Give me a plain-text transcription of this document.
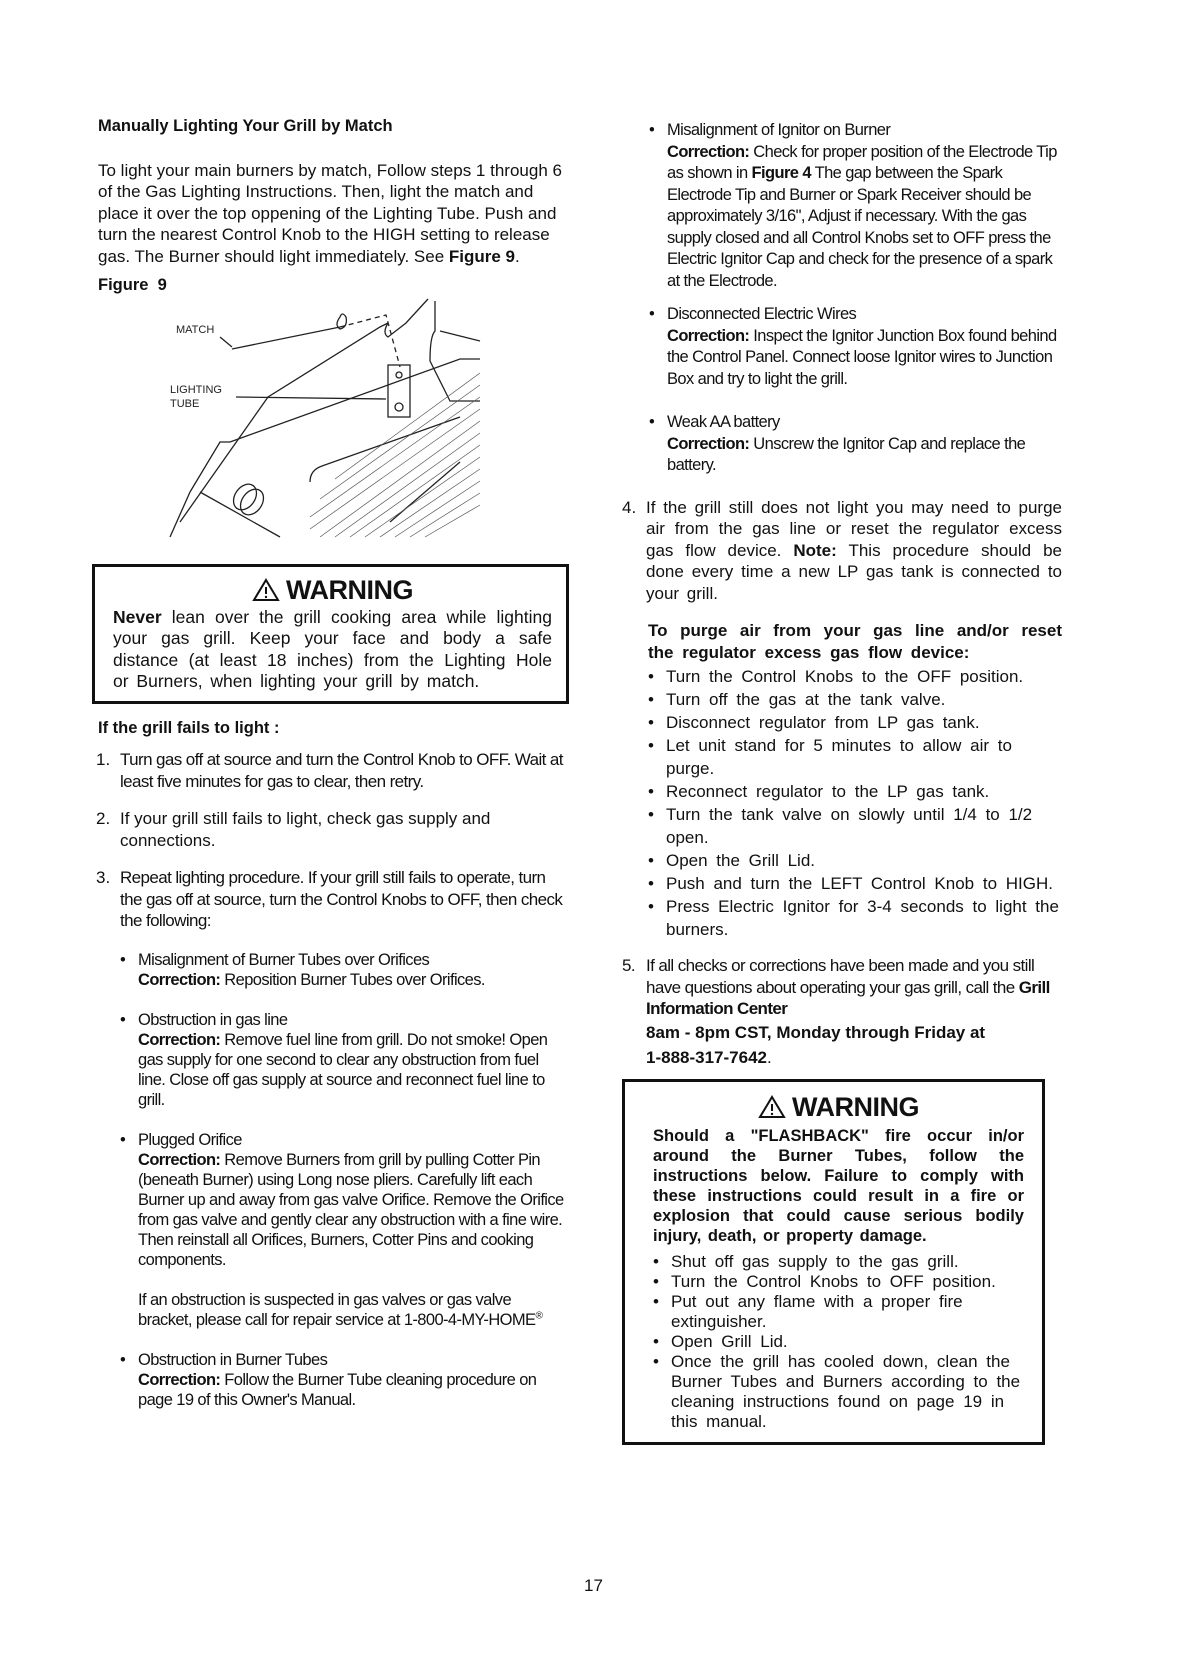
Manually Lighting Your Grill by Match

To light your main burners by match, Follow steps 1 through 6 of the Gas Lighting Instructions. Then, light the match and place it over the top oppening of the Lighting Tube. Push and turn the nearest Control Knob to the HIGH setting to release gas. The Burner should light immediately. See Figure 9.

Figure  9
MATCH
LIGHTING
TUBE
WARNING

Never lean over the grill cooking area while lighting your gas grill. Keep your face and body a safe distance (at least 18 inches) from the Lighting Hole or Burners, when lighting your grill by match.

If the grill fails to light :
1. Turn gas off at source and turn the Control Knob to OFF. Wait at least five minutes for gas to clear, then retry.
2. If your grill still fails to light, check gas supply and connections.
3. Repeat lighting procedure. If your grill still fails to operate, turn the gas off at source, turn the Control Knobs to OFF, then check the following:
• Misalignment of Burner Tubes over Orifices
Correction: Reposition Burner Tubes over Orifices.
• Obstruction in gas line
Correction: Remove fuel line from grill. Do not smoke! Open gas supply for one second to clear any obstruction from fuel line. Close off gas supply at source and reconnect fuel line to grill.
• Plugged Orifice
Correction: Remove Burners from grill by pulling Cotter Pin (beneath Burner) using Long nose pliers. Carefully lift each Burner up and away from gas valve Orifice. Remove the Orifice from gas valve and gently clear any obstruction with a fine wire. Then reinstall all Orifices, Burners, Cotter Pins and cooking components.

If an obstruction is suspected in gas valves or gas valve bracket, please call for repair service at 1-800-4-MY-HOME®

• Obstruction in Burner Tubes
Correction: Follow the Burner Tube cleaning procedure on page 19 of this Owner's Manual.
17
• Misalignment of Ignitor on Burner
Correction: Check for proper position of the Electrode Tip as shown in Figure 4 The gap between the Spark Electrode Tip and Burner or Spark Receiver should be approximately 3/16", Adjust if necessary. With the gas supply closed and all Control Knobs set to OFF press the Electric Ignitor Cap and check for the presence of a spark at the Electrode.
• Disconnected Electric Wires
Correction: Inspect the Ignitor Junction Box found behind the Control Panel. Connect loose Ignitor wires to Junction Box and try to light the grill.
• Weak AA battery
Correction: Unscrew the Ignitor Cap and replace the battery.
4. If the grill still does not light you may need to purge air from the gas line or reset the regulator excess gas flow device. Note: This procedure should be done every time a new LP gas tank is connected to your grill.
To purge air from your gas line and/or reset the regulator excess gas flow device:
• Turn the Control Knobs to the OFF position.
• Turn off the gas at the tank valve.
• Disconnect regulator from LP gas tank.
• Let unit stand for 5 minutes to allow air to purge.
• Reconnect regulator to the LP gas tank.
• Turn the tank valve on slowly until 1/4 to 1/2 open.
• Open the Grill Lid.
• Push and turn the LEFT Control Knob to HIGH.
• Press Electric Ignitor for 3-4 seconds to light the burners.
5. If all checks or corrections have been made and you still have questions about operating your gas grill, call the Grill Information Center
8am - 8pm CST, Monday through Friday at
1-888-317-7642.
WARNING

Should a "FLASHBACK" fire occur in/or around the Burner Tubes, follow the instructions below. Failure to comply with these instructions could result in a fire or explosion that could cause serious bodily injury, death, or property damage.

• Shut off gas supply to the gas grill.
• Turn the Control Knobs to OFF position.
• Put out any flame with a proper fire extinguisher.
• Open Grill Lid.
• Once the grill has cooled down, clean the Burner Tubes and Burners according to the cleaning instructions found on page 19 in this manual.
